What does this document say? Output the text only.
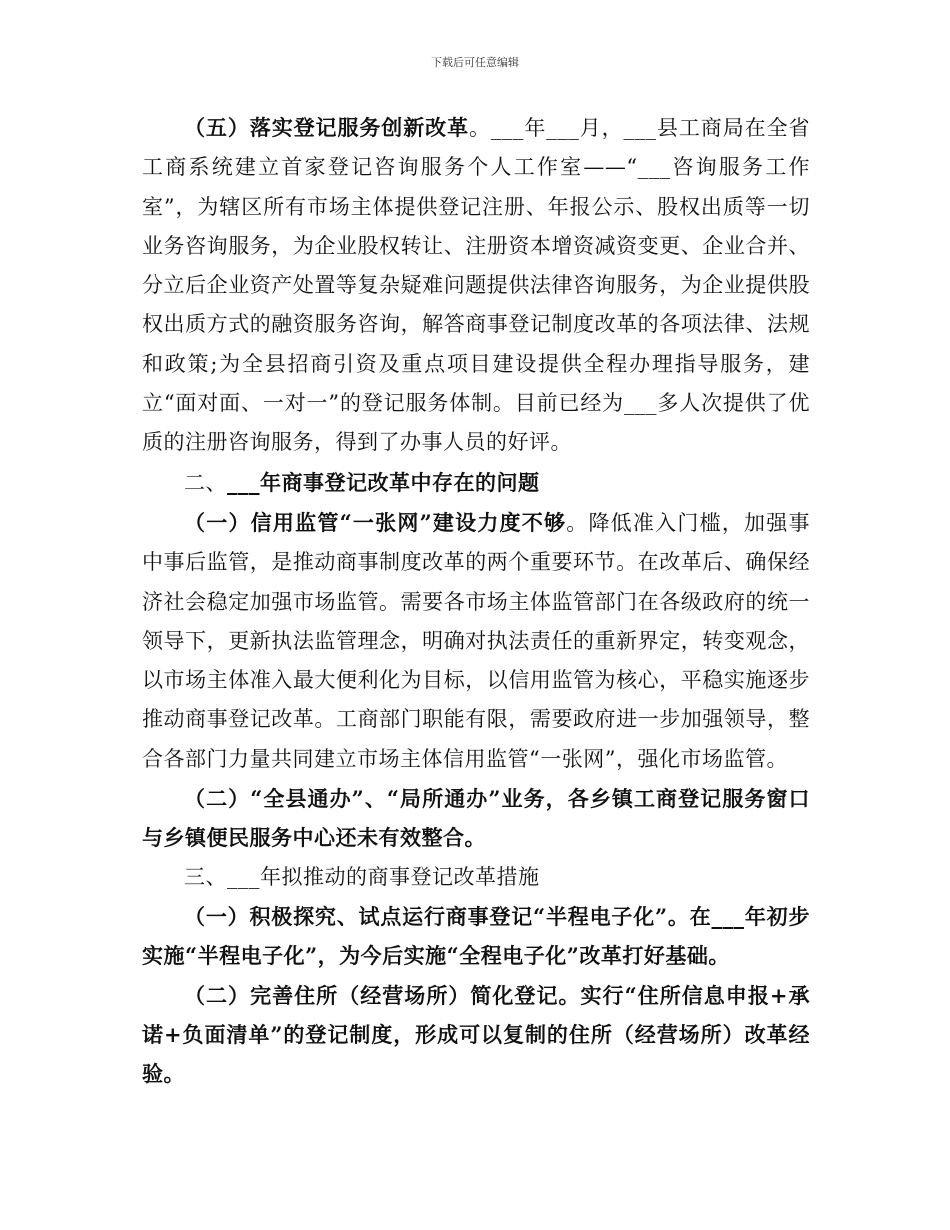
下载后可任意编辑

（五）落实登记服务创新改革。___年___月，___县工商局在全省工商系统建立首家登记咨询服务个人工作室——“___咨询服务工作室”，为辖区所有市场主体提供登记注册、年报公示、股权出质等一切业务咨询服务，为企业股权转让、注册资本增资减资变更、企业合并、分立后企业资产处置等复杂疑难问题提供法律咨询服务，为企业提供股权出质方式的融资服务咨询，解答商事登记制度改革的各项法律、法规和政策;为全县招商引资及重点项目建设提供全程办理指导服务，建立“面对面、一对一”的登记服务体制。目前已经为___多人次提供了优质的注册咨询服务，得到了办事人员的好评。

二、___年商事登记改革中存在的问题

（一）信用监管“一张网”建设力度不够。降低准入门槛，加强事中事后监管，是推动商事制度改革的两个重要环节。在改革后、确保经济社会稳定加强市场监管。需要各市场主体监管部门在各级政府的统一领导下，更新执法监管理念，明确对执法责任的重新界定，转变观念，以市场主体准入最大便利化为目标，以信用监管为核心，平稳实施逐步推动商事登记改革。工商部门职能有限，需要政府进一步加强领导，整合各部门力量共同建立市场主体信用监管“一张网”，强化市场监管。

（二）“全县通办”、“局所通办”业务，各乡镇工商登记服务窗口与乡镇便民服务中心还未有效整合。

三、___年拟推动的商事登记改革措施

（一）积极探究、试点运行商事登记“半程电子化”。在___年初步实施“半程电子化”，为今后实施“全程电子化”改革打好基础。

（二）完善住所（经营场所）简化登记。实行“住所信息申报+承诺+负面清单”的登记制度，形成可以复制的住所（经营场所）改革经验。
